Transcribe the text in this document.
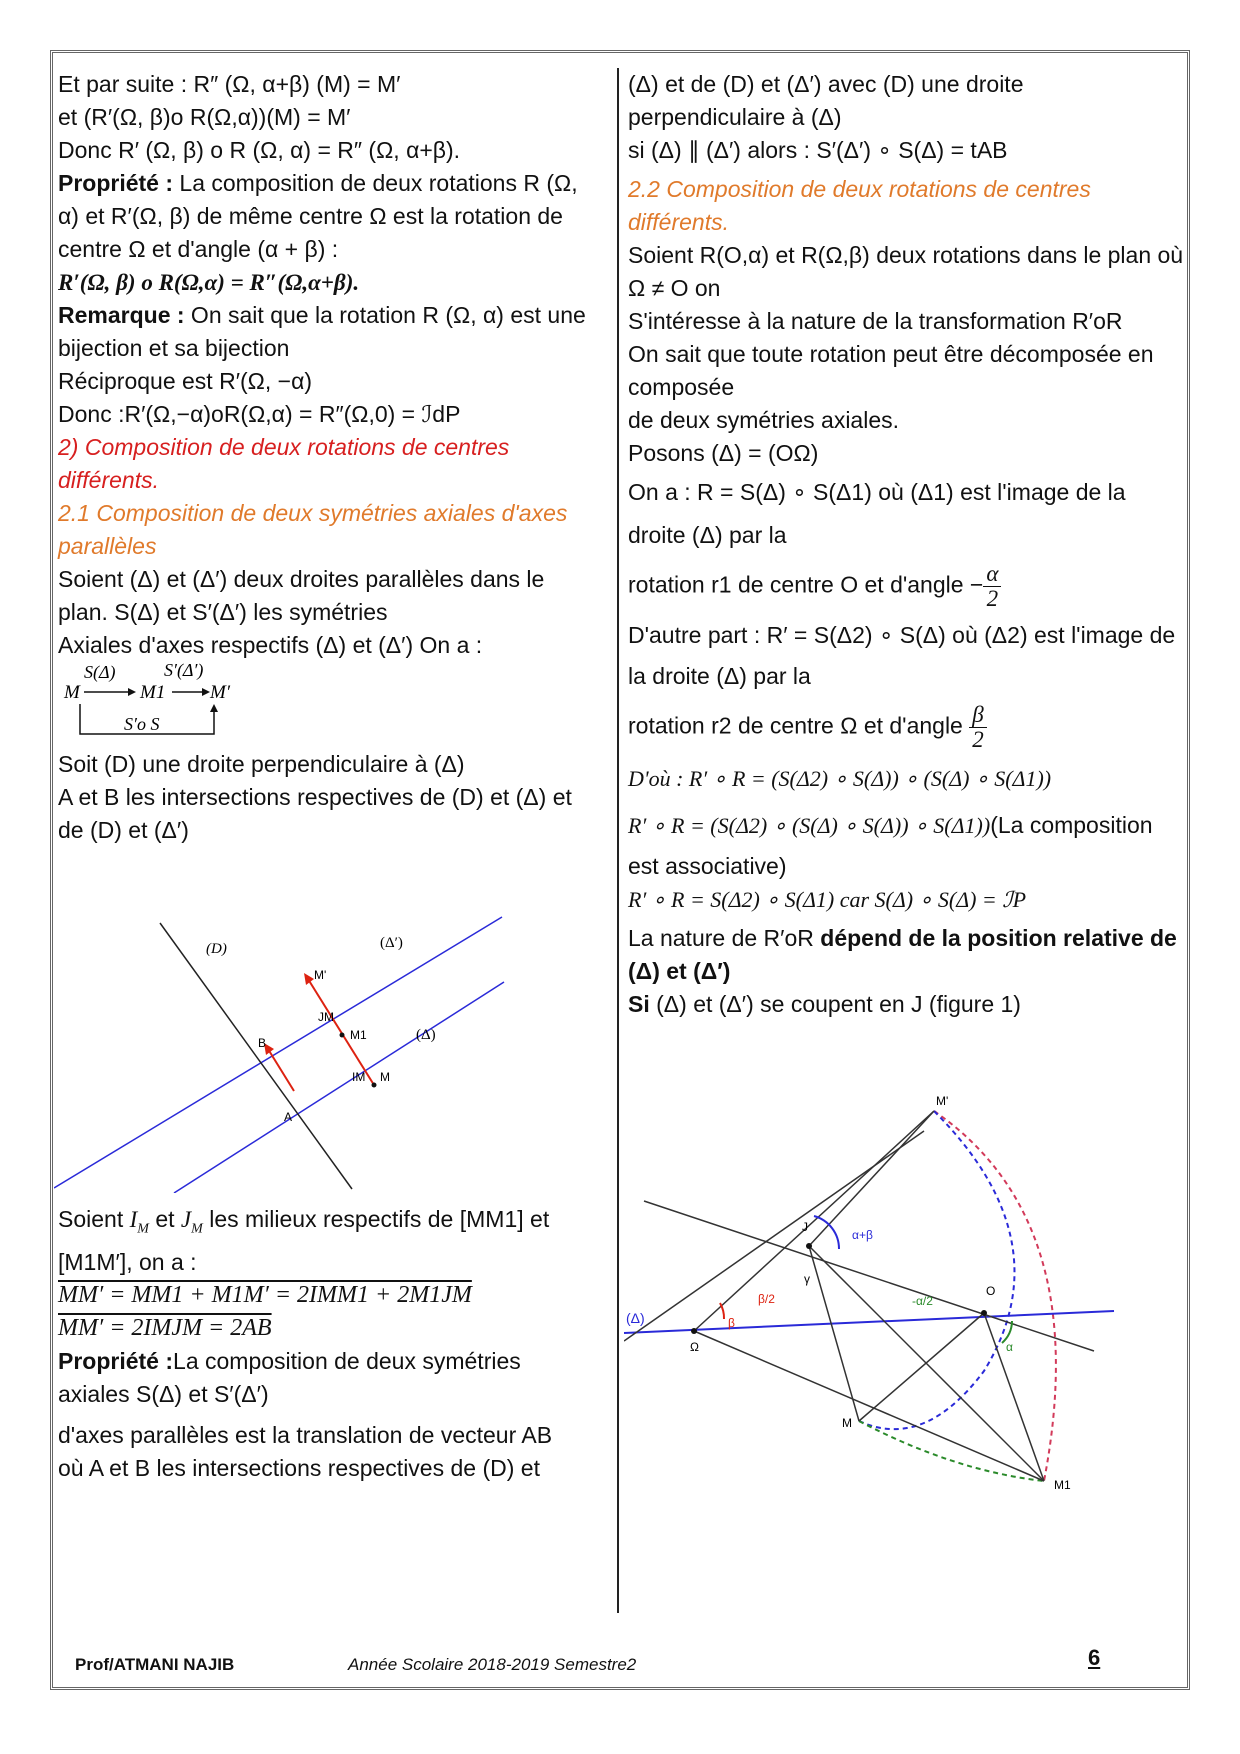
Et par suite : R″ (Ω, α+β) (M) = M′

et (R′(Ω, β)o R(Ω,α))(M) = M′

Donc R′ (Ω, β) o R (Ω, α) = R″ (Ω, α+β).

Propriété : La composition de deux rotations R (Ω, α) et R′(Ω, β) de même centre Ω est la rotation de centre Ω et d'angle (α + β) :

R′(Ω, β) o R(Ω,α) = R″(Ω,α+β).

Remarque : On sait que la rotation R (Ω, α) est une bijection et sa bijection

Réciproque est R′(Ω, −α)

Donc :R′(Ω,−α)oR(Ω,α) = R″(Ω,0) = ℐdP

2) Composition de deux rotations de centres différents.

2.1 Composition de deux symétries axiales d'axes parallèles

Soient (Δ) et (Δ′) deux droites parallèles dans le plan. S(Δ) et S′(Δ′) les symétries

Axiales d'axes respectifs (Δ) et (Δ′) On a :

S(Δ)	S′(Δ′)
M	M1 M′
S′o S

Soit (D) une droite perpendiculaire à (Δ)

A et B les intersections respectives de (D) et (Δ) et de (D) et (Δ′)

(D)	(Δ′)
(Δ)
M'
JM
M1
IM M
B
A

Soient $I_M$ et $J_M$ les milieux respectifs de [MM1] et [M1M′], on a :

MM′ = MM1 + M1M′ = 2IMM1 + 2M1JM

MM′ = 2IMJM = 2AB

Propriété :La composition de deux symétries axiales S(Δ) et S′(Δ′)

d'axes parallèles est la translation de vecteur AB

où A et B les intersections respectives de (D) et

(Δ) et de (D) et (Δ′) avec (D) une droite perpendiculaire à (Δ)

si (Δ) ∥ (Δ′) alors : S′(Δ′) ∘ S(Δ) = tAB

2.2 Composition de deux rotations de centres différents.

Soient R(O,α) et R(Ω,β) deux rotations dans le plan où Ω ≠ O on

S'intéresse à la nature de la transformation R′oR

On sait que toute rotation peut être décomposée en composée

de deux symétries axiales.

Posons (Δ) = (OΩ)

On a : R = S(Δ) ∘ S(Δ1) où (Δ1) est l'image de la

droite (Δ) par la

rotation r1 de centre O et d'angle − $\frac{\alpha}{2}$

D'autre part : R′ = S(Δ2) ∘ S(Δ) où (Δ2) est l'image de

la droite (Δ) par la

rotation r2 de centre Ω et d'angle $\frac{\beta}{2}$

D'où : R′ ∘ R = (S(Δ2) ∘ S(Δ)) ∘ (S(Δ) ∘ S(Δ1))

R′ ∘ R = (S(Δ2) ∘ (S(Δ) ∘ S(Δ)) ∘ S(Δ1))(La composition

est associative)

R′ ∘ R = S(Δ2) ∘ S(Δ1) car S(Δ) ∘ S(Δ) = ℐP

La nature de R′oR dépend de la position relative de (Δ) et (Δ′)

Si (Δ) et (Δ′) se coupent en J (figure 1)

M'
J
α+β
γ
(Δ)
β/2	-α/2
O
Ω
β
α
M
M1
Prof/ATMANI NAJIB	Année Scolaire 2018-2019 Semestre2	6
